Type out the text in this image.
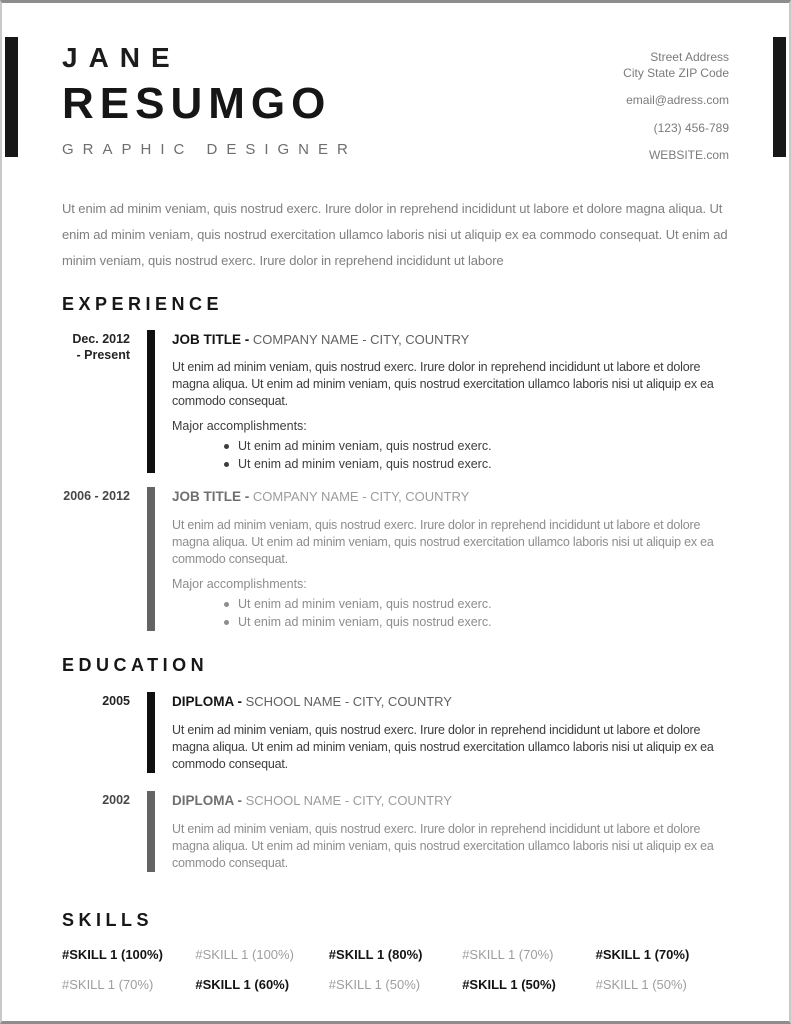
JANE
RESUMGO
GRAPHIC DESIGNER
Street Address
City State ZIP Code
email@adress.com
(123) 456-789
WEBSITE.com

Ut enim ad minim veniam, quis nostrud exerc. Irure dolor in reprehend incididunt ut labore et dolore magna aliqua. Ut enim ad minim veniam, quis nostrud exercitation ullamco laboris nisi ut aliquip ex ea commodo consequat. Ut enim ad minim veniam, quis nostrud exerc. Irure dolor in reprehend incididunt ut labore

EXPERIENCE
Dec. 2012
- Present
JOB TITLE - COMPANY NAME - CITY, COUNTRY

Ut enim ad minim veniam, quis nostrud exerc. Irure dolor in reprehend incididunt ut labore et dolore magna aliqua. Ut enim ad minim veniam, quis nostrud exercitation ullamco laboris nisi ut aliquip ex ea commodo consequat.

Major accomplishments:

Ut enim ad minim veniam, quis nostrud exerc.
Ut enim ad minim veniam, quis nostrud exerc.
2006 - 2012	JOB TITLE - COMPANY NAME - CITY, COUNTRY

Ut enim ad minim veniam, quis nostrud exerc. Irure dolor in reprehend incididunt ut labore et dolore magna aliqua. Ut enim ad minim veniam, quis nostrud exercitation ullamco laboris nisi ut aliquip ex ea commodo consequat.

Major accomplishments:

Ut enim ad minim veniam, quis nostrud exerc.
Ut enim ad minim veniam, quis nostrud exerc.
EDUCATION
2005	DIPLOMA - SCHOOL NAME - CITY, COUNTRY

Ut enim ad minim veniam, quis nostrud exerc. Irure dolor in reprehend incididunt ut labore et dolore magna aliqua. Ut enim ad minim veniam, quis nostrud exercitation ullamco laboris nisi ut aliquip ex ea commodo consequat.

2002	DIPLOMA - SCHOOL NAME - CITY, COUNTRY

Ut enim ad minim veniam, quis nostrud exerc. Irure dolor in reprehend incididunt ut labore et dolore magna aliqua. Ut enim ad minim veniam, quis nostrud exercitation ullamco laboris nisi ut aliquip ex ea commodo consequat.

SKILLS
#SKILL 1 (100%)	#SKILL 1 (100%)	#SKILL 1 (80%)	#SKILL 1 (70%)	#SKILL 1 (70%)
#SKILL 1 (70%)	#SKILL 1 (60%)	#SKILL 1 (50%)	#SKILL 1 (50%)	#SKILL 1 (50%)
